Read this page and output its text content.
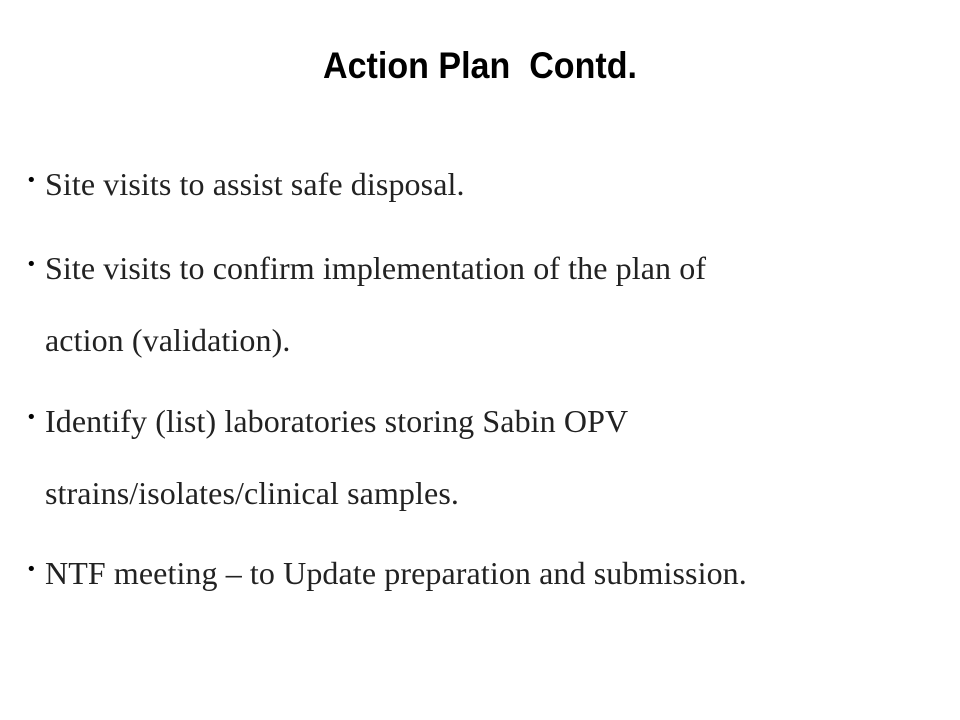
Action Plan  Contd.
• Site visits to assist safe disposal.
• Site visits to confirm implementation of the plan of
action (validation).
• Identify (list) laboratories storing Sabin OPV
strains/isolates/clinical samples.
• NTF meeting – to Update preparation and submission.
